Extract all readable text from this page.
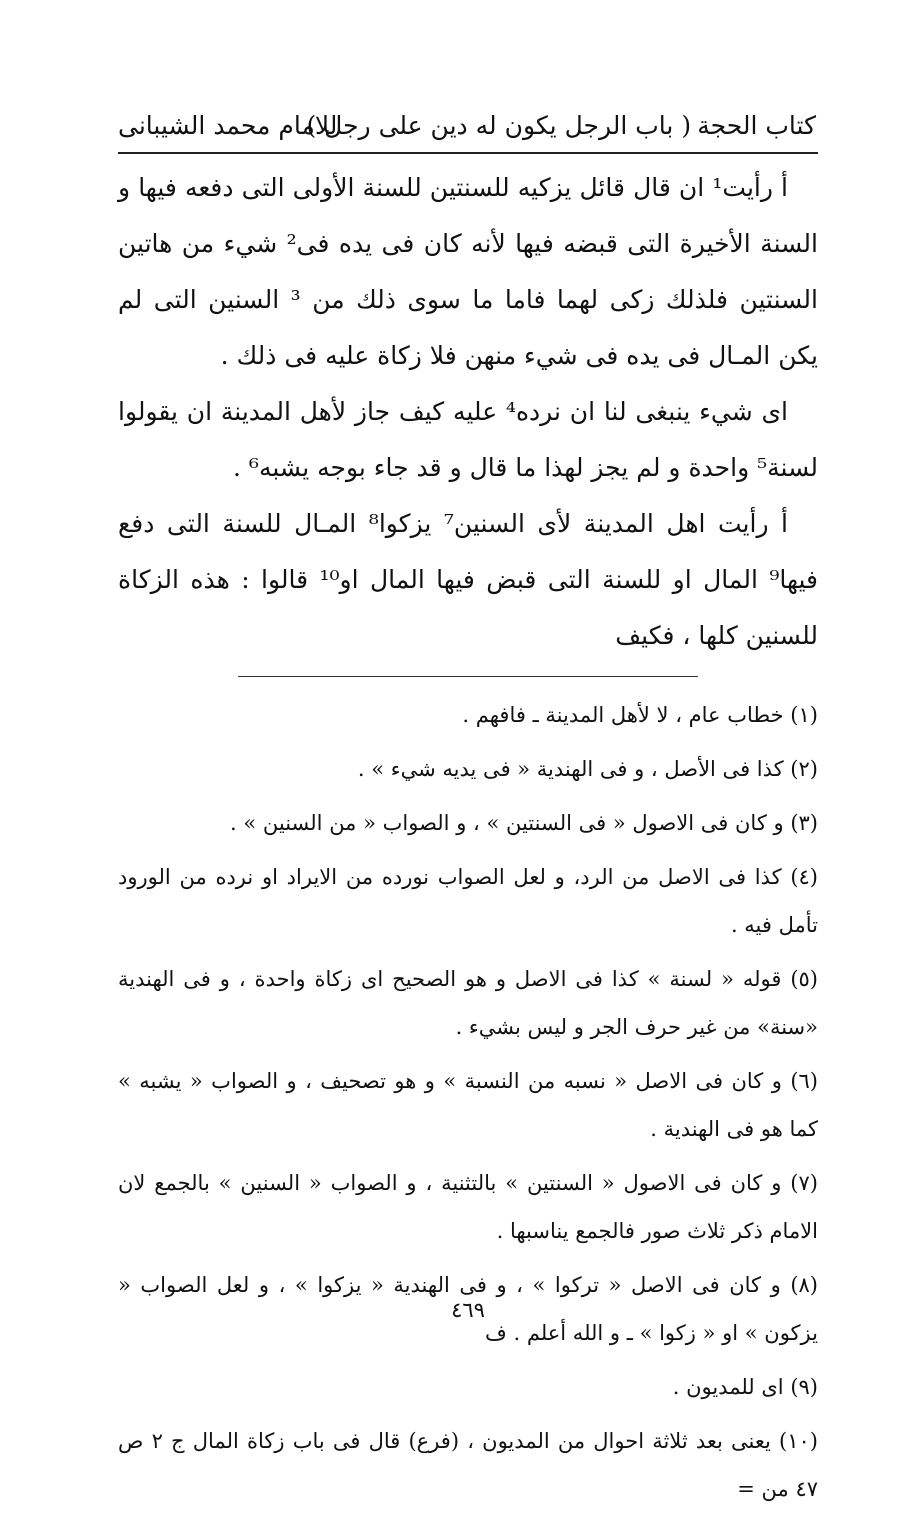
كتاب الحجة
( باب الرجل يكون له دين على رجل )
للامام محمد الشيبانى

أ رأيت¹ ان قال قائل يزكيه للسنتين للسنة الأولى التى دفعه فيها و السنة الأخيرة التى قبضه فيها لأنه كان فى يده فى² شيء من هاتين السنتين فلذلك زكى لهما فاما ما سوى ذلك من ³ السنين التى لم يكن المـال فى يده فى شيء منهن فلا زكاة عليه فى ذلك .

اى شيء ينبغى لنا ان نرده⁴ عليه كيف جاز لأهل المدينة ان يقولوا لسنة⁵ واحدة و لم يجز لهذا ما قال و قد جاء بوجه يشبه⁶ .

أ رأيت اهل المدينة لأى السنين⁷ يزكوا⁸ المـال للسنة التى دفع فيها⁹ المال او للسنة التى قبض فيها المال او¹⁰ قالوا : هذه الزكاة للسنين كلها ، فكيف

(١) خطاب عام ، لا لأهل المدينة ـ فافهم .

(٢) كذا فى الأصل ، و فى الهندية « فى يديه شيء » .

(٣) و كان فى الاصول « فى السنتين » ، و الصواب « من السنين » .

(٤) كذا فى الاصل من الرد، و لعل الصواب نورده من الايراد او نرده من الورود تأمل فيه .

(٥) قوله « لسنة » كذا فى الاصل و هو الصحيح اى زكاة واحدة ، و فى الهندية «سنة» من غير حرف الجر و ليس بشيء .

(٦) و كان فى الاصل « نسبه من النسبة » و هو تصحيف ، و الصواب « يشبه » كما هو فى الهندية .

(٧) و كان فى الاصول « السنتين » بالتثنية ، و الصواب « السنين » بالجمع لان الامام ذكر ثلاث صور فالجمع يناسبها .

(٨) و كان فى الاصل « تركوا » ، و فى الهندية « يزكوا » ، و لعل الصواب « يزكون » او « زكوا » ـ و الله أعلم . ف

(٩) اى للمديون .

(١٠) يعنى بعد ثلاثة احوال من المديون ، (فرع) قال فى باب زكاة المال ج ٢ ص ٤٧ من =

٤٦٩
